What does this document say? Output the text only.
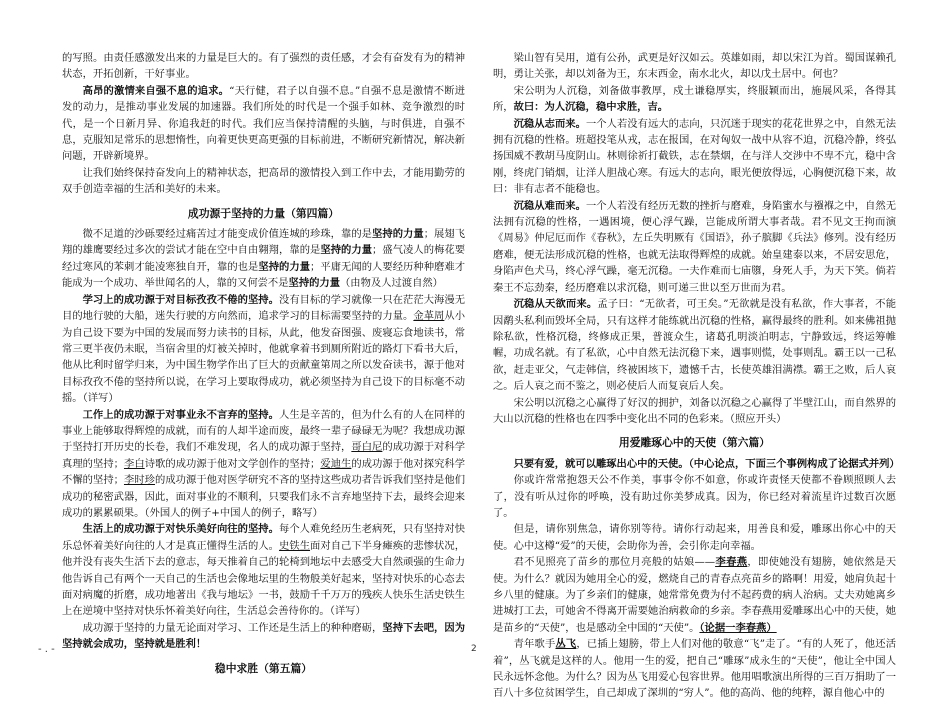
的写照。由责任感激发出来的力量是巨大的。有了强烈的责任感，才会有奋发有为的精神状态，开拓创新，干好事业。

高昂的激情来自强不息的追求。“天行健，君子以自强不息。”自强不息是激情不断迸发的动力，是推动事业发展的加速器。我们所处的时代是一个强手如林、竞争激烈的时代，是一个日新月异、你追我赶的时代。我们应当保持清醒的头脑，与时俱进，自强不息，克服知足常乐的思想惰性，向着更快更高更强的目标前进，不断研究新情况，解决新问题，开辟新境界。

让我们始终保持奋发向上的精神状态，把高昂的激情投入到工作中去，才能用勤劳的双手创造幸福的生活和美好的未来。

成功源于坚持的力量（第四篇）

微不足道的沙砾要经过痛苦过才能变成价值连城的珍珠，靠的是坚持的力量；展翅飞翔的雄鹰要经过多次的尝试才能在空中自由翱翔，靠的是坚持的力量；盛气凌人的梅花要经过寒风的苯刺才能凌寒独自开，靠的也是坚持的力量；平庸无闻的人要经历种种磨难才能成为一个成功、举世闻名的人，靠的又何尝不是坚持的力量（由物及人过渡自然）

学习上的成功源于对目标孜孜不倦的坚持。没有目标的学习就像一只在茫茫大海漫无目的地行驶的大船，迷失行驶的方向然而，追求学习的目标需要坚持的力量。金革周从小为自己设下要为中国的发展而努力读书的目标，从此，他发奋图强、废寝忘食地读书，常常三更半夜仍未眠，当宿舍里的灯被关掉时，他就拿着书到厕所附近的路灯下看书大后，他从比利时留学归来，为中国生物学作出了巨大的贡献童第周之所以发奋读书，源于他对目标孜孜不倦的坚持所以说，在学习上要取得成功，就必须坚持为自己设下的目标毫不动摇。（详写）

工作上的成功源于对事业永不言弃的坚持。人生是辛苦的，但为什么有的人在同样的事业上能够取得辉煌的成就，而有的人却半途而废，最终一辈子碌碌无为呢？我想成功源于坚持打开历史的长卷，我们不难发现，名人的成功源于坚持，哥白尼的成功源于对科学真理的坚持；李白诗歌的成功源于他对文学创作的坚持；爱迪生的成功源于他对探究科学不懈的坚持；李时珍的成功源于他对医学研究不吝的坚持这些成功者告诉我们坚持是他们成功的秘密武器，因此，面对事业的不顺利，只要我们永不言弃地坚持下去，最终会迎来成功的累累硕果。（外国人的例子+中国人的例子，略写）

生活上的成功源于对快乐美好向往的坚持。每个人难免经历生老病死，只有坚持对快乐总怀着美好向往的人才是真正懂得生活的人。史铁生面对自己下半身瘫痪的悲惨状况，他并没有丧失生活下去的意志，每天推着自己的轮椅到地坛中去感受大自然顽强的生命力他告诉自己有两个一天自己的生活也会像地坛里的生物般美好起来，坚持对快乐的心态去面对病魔的折磨，成功地著出《我与地坛》一书，鼓励千千万万的残疾人快乐生活史铁生上在逆境中坚持对快乐怀着美好向往，生活总会善待你的。（详写）

成功源于坚持的力量无论面对学习、工作还是生活上的种种磨砺，坚持下去吧，因为坚持就会成功，坚持就是胜利！

稳中求胜（第五篇）

梁山智有吴用，道有公孙，武更是好汉如云。英雄如雨，却以宋江为首。蜀国谋赖孔明，勇让关张，却以刘备为王，东末西金，南水北火，却以戊土居中。何也？

宋公明为人沉稳，刘备做事教厚，戍土谦稳厚实，终服颖而出，施展风采，各得其所，故曰：为人沉稳，稳中求胜，吉。

沉稳从志而来。一个人若没有远大的志向，只沉迷于现实的花花世界之中，自然无法拥有沉稳的性格。班超投笔从戎，志在报国，在对匈奴一战中从容不迫，沉稳冷静，终弘扬国威不教胡马度阴山。林则徐祈打截铁，志在禁烟，在与洋人交涉中不卑不亢，稳中含刚，终虎门销烟，让洋人胆战心寒。有远大的志向，眼光便放得远，心胸便沉稳下来，故曰：非有志者不能稳也。

沉稳从难而来。一个人若没有经历无数的挫折与磨难，身陷蜜水与襁褓之中，自然无法拥有沉稳的性格，一遇困境，便心浮气躁，岂能成所谓大事者哉。君不见文王拘而演《周易》仲尼厄而作《春秋》，左丘失明厥有《国语》，孙子膑脚《兵法》修列。没有经历磨难，便无法形成沉稳的性格，也就无法取得辉煌的成就。始皇建泰以来，不居安思危，身陷声色犬马，终心浮气躁，毫无沉稳。一夫作难而七庙隳，身死人手，为天下笑。倘若秦王不忘劲秦，经历磨难以求沉稳，则可递三世以至万世而为君。

沉稳从天欲而来。孟子曰：“无欲者，可王矣。”无欲就是没有私欲，作大事者，不能因鹬头私利而毁坏全局，只有这样才能练就出沉稳的性格，赢得最终的胜利。如来佛祖抛除私欲，性格沉稳，终修成正果，普渡众生，诸葛孔明淡泊明志，宁静致远，终运筹帷幄，功成名就。有了私欲，心中自然无法沉稳下来，遇事则慌，处事则乱。霸王以一己私欲，赶走亚父，气走韩信，终被困垓下，遗憾千古，长使英雄泪满襟。霸王之败，后人哀之。后人哀之而不鉴之，则必使后人而复哀后人矣。

宋公明以沉稳之心赢得了好汉的拥护，刘备以沉稳之心赢得了半壁江山，而自然界的大山以沉稳的性格也在四季中变化出不同的色彩来。（照应开头）

用爱雕琢心中的天使（第六篇）

只要有爱，就可以雕琢出心中的天使。（中心论点，下面三个事例构成了论据式并列）

你或许常常抱怨天公不作美，事事令你不如意，你或许责怪天使都不眷顾照顾人去了，没有听从过你的呼唤，没有助过你美梦成真。因为，你已经对着流星许过数百次愿了。

但是，请你别焦急，请你别等待。请你行动起来，用善良和爱，雕琢出你心中的天使。心中这樽“爱”的天使，会助你为善，会引你走向幸福。

君不见照亮了苗乡的那位月亮般的姑娘——李春燕，即使她没有翅膀，她依然是天使。为什么？就因为她用全心的爱，燃烧自己的青春点亮苗乡的路啊！用爱，她肩负起十乡八里的健康。为了乡亲们的健康，她常常免费为付不起药费的病人治病。丈夫劝她离乡进城打工去，可她舍不得离开需要她治病救命的乡亲。李春燕用爱雕琢出心中的天使，她是苗乡的“天使”，也是感动全中国的“天使”。（论据一李春燕）

青年歌手丛飞，已插上翅膀，带上人们对他的敬意“飞”走了。“有的人死了，他还活着”，丛飞就是这样的人。他用一生的爱，把自己“雕琢”成永生的“天使”，他让全中国人民永远怀念他。为什么？因为丛飞用爱心包容世界。他用唱歌演出所得的三百万捐助了一百八十多位贫困学生，自己却成了深圳的“穷人”。他的高尚、他的纯粹，源自他心中的

- . -	2
